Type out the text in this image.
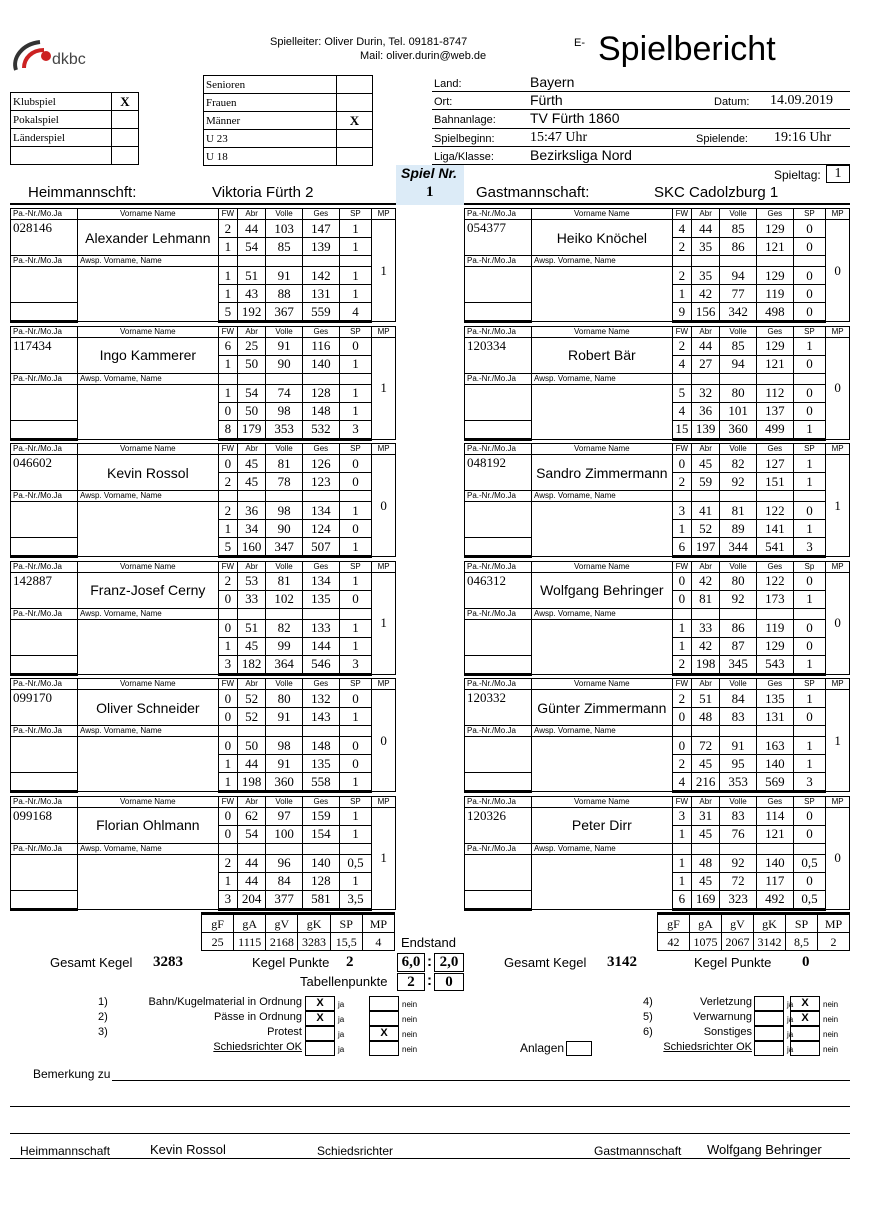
dkbc
Spielleiter: Oliver Durin, Tel. 09181-8747
Mail: oliver.durin@web.de
E- Spielbericht
Klubspiel	X
Pokalspiel	
Länderspiel	

Senioren	
Frauen	
Männer	X
U 23	
U 18	
Land:	Bayern
Ort:	Fürth	Datum: 14.09.2019
Bahnanlage: TV Fürth 1860
Spielbeginn:	15:47 Uhr	Spielende: 19:16 Uhr
Liga/Klasse:	Bezirksliga Nord
Spiel Nr.
1
Spieltag: 1
Heimmannschft:	Viktoria Fürth 2	Gastmannschaft:	SKC Cadolzburg 1
Pa.-Nr./Mo.Ja	Vorname Name	FW	Abr	Volle	Ges	SP	MP
028146	Alexander Lehmann	2	44	103	147	1	1
		1	54	85	139	1	
Pa.-Nr./Mo.Ja	Awsp. Vorname, Name						
		1	51	91	142	1	
		1	43	88	131	1	
		5	192	367	559	4	
Pa.-Nr./Mo.Ja	Vorname Name	FW	Abr	Volle	Ges	SP	MP
117434	Ingo Kammerer	6	25	91	116	0	1
		1	50	90	140	1	
Pa.-Nr./Mo.Ja	Awsp. Vorname, Name						
		1	54	74	128	1	
		0	50	98	148	1	
		8	179	353	532	3	
Pa.-Nr./Mo.Ja	Vorname Name	FW	Abr	Volle	Ges	SP	MP
046602	Kevin Rossol	0	45	81	126	0	0
		2	45	78	123	0	
Pa.-Nr./Mo.Ja	Awsp. Vorname, Name						
		2	36	98	134	1	
		1	34	90	124	0	
		5	160	347	507	1	
Pa.-Nr./Mo.Ja	Vorname Name	FW	Abr	Volle	Ges	SP	MP
142887	Franz-Josef Cerny	2	53	81	134	1	1
		0	33	102	135	0	
Pa.-Nr./Mo.Ja	Awsp. Vorname, Name						
		0	51	82	133	1	
		1	45	99	144	1	
		3	182	364	546	3	
Pa.-Nr./Mo.Ja	Vorname Name	FW	Abr	Volle	Ges	SP	MP
099170	Oliver Schneider	0	52	80	132	0	0
		0	52	91	143	1	
Pa.-Nr./Mo.Ja	Awsp. Vorname, Name						
		0	50	98	148	0	
		1	44	91	135	0	
		1	198	360	558	1	
Pa.-Nr./Mo.Ja	Vorname Name	FW	Abr	Volle	Ges	SP	MP
099168	Florian Ohlmann	0	62	97	159	1	1
		0	54	100	154	1	
Pa.-Nr./Mo.Ja	Awsp. Vorname, Name						
		2	44	96	140	0,5	
		1	44	84	128	1	
		3	204	377	581	3,5	
Pa.-Nr./Mo.Ja	Vorname Name	FW	Abr	Volle	Ges	SP	MP
054377	Heiko Knöchel	4	44	85	129	0	0
		2	35	86	121	0	
Pa.-Nr./Mo.Ja	Awsp. Vorname, Name						
		2	35	94	129	0	
		1	42	77	119	0	
		9	156	342	498	0	
Pa.-Nr./Mo.Ja	Vorname Name	FW	Abr	Volle	Ges	SP	MP
120334	Robert Bär	2	44	85	129	1	0
		4	27	94	121	0	
Pa.-Nr./Mo.Ja	Awsp. Vorname, Name						
		5	32	80	112	0	
		4	36	101	137	0	
		15	139	360	499	1	
Pa.-Nr./Mo.Ja	Vorname Name	FW	Abr	Volle	Ges	SP	MP
048192	Sandro Zimmermann	0	45	82	127	1	1
		2	59	92	151	1	
Pa.-Nr./Mo.Ja	Awsp. Vorname, Name						
		3	41	81	122	0	
		1	52	89	141	1	
		6	197	344	541	3	
Pa.-Nr./Mo.Ja	Vorname Name	FW	Abr	Volle	Ges	Sp	MP
046312	Wolfgang Behringer	0	42	80	122	0	0
		0	81	92	173	1	
Pa.-Nr./Mo.Ja	Awsp. Vorname, Name						
		1	33	86	119	0	
		1	42	87	129	0	
		2	198	345	543	1	
Pa.-Nr./Mo.Ja	Vorname Name	FW	Abr	Volle	Ges	SP	MP
120332	Günter Zimmermann	2	51	84	135	1	1
		0	48	83	131	0	
Pa.-Nr./Mo.Ja	Awsp. Vorname, Name						
		0	72	91	163	1	
		2	45	95	140	1	
		4	216	353	569	3	
Pa.-Nr./Mo.Ja	Vorname Name	FW	Abr	Volle	Ges	SP	MP
120326	Peter Dirr	3	31	83	114	0	0
		1	45	76	121	0	
Pa.-Nr./Mo.Ja	Awsp. Vorname, Name						
		1	48	92	140	0,5	
		1	45	72	117	0	
		6	169	323	492	0,5	
gF	gA	gV	gK	SP	MP
25	1115	2168	3283	15,5	4
gF	gA	gV	gK	SP	MP
42	1075	2067	3142	8,5	2
Endstand
Gesamt Kegel 3283	Kegel Punkte 2	6,0 : 2,0	Gesamt Kegel 3142	Kegel Punkte 0
Tabellenpunkte	2 : 0
1)	Bahn/Kugelmaterial in Ordnung	X	ja	nein
2)	Pässe in Ordnung	X	ja	nein
3)	Protest	ja	X	nein
Schiedsrichter OK	ja	nein
4)	Verletzung	ja X	nein
5)	Verwarnung	ja X	nein
6)	Sonstiges	ja	nein
Schiedsrichter OK	ja	nein
Anlagen
Bemerkung zu
Heimmannschaft	Kevin Rossol	Schiedsrichter	Gastmannschaft Wolfgang Behringer
